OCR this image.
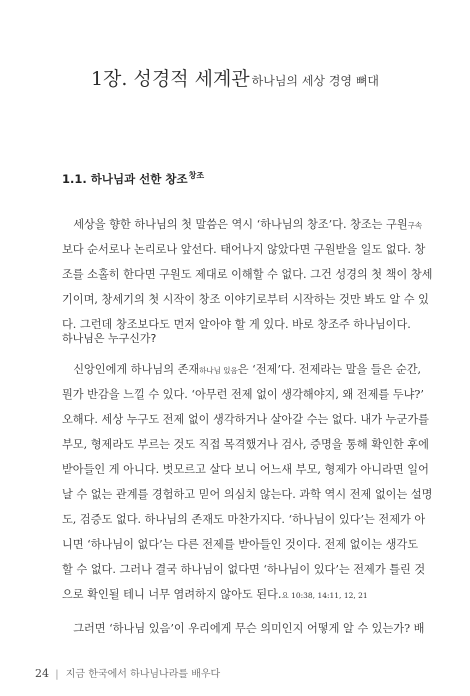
1장. 성경적 세계관 하나님의 세상 경영 뼈대
1.1. 하나님과 선한 창조$^{창조}$
 세상을 향한 하나님의 첫 말씀은 역시 ‘하나님의 창조’다. 창조는 구원구속
보다 순서로나 논리로나 앞선다. 태어나지 않았다면 구원받을 일도 없다. 창
조를 소홀히 한다면 구원도 제대로 이해할 수 없다. 그건 성경의 첫 책이 창세
기이며, 창세기의 첫 시작이 창조 이야기로부터 시작하는 것만 봐도 알 수 있
다. 그런데 창조보다도 먼저 알아야 할 게 있다. 바로 창조주 하나님이다.
하나님은 누구신가?
 신앙인에게 하나님의 존재하나님 있음은 ‘전제’다. 전제라는 말을 들은 순간,
뭔가 반감을 느낄 수 있다. ‘아무런 전제 없이 생각해야지, 왜 전제를 두냐?’
오해다. 세상 누구도 전제 없이 생각하거나 살아갈 수는 없다. 내가 누군가를
부모, 형제라도 부르는 것도 직접 목격했거나 검사, 증명을 통해 확인한 후에
받아들인 게 아니다. 벗모르고 살다 보니 어느새 부모, 형제가 아니라면 일어
날 수 없는 관계를 경험하고 믿어 의심치 않는다. 과학 역시 전제 없이는 설명
도, 검증도 없다. 하나님의 존재도 마찬가지다. ‘하나님이 있다’는 전제가 아
니면 ‘하나님이 없다’는 다른 전제를 받아들인 것이다. 전제 없이는 생각도
할 수 없다. 그러나 결국 하나님이 없다면 ‘하나님이 있다’는 전제가 틀린 것
으로 확인될 테니 너무 염려하지 않아도 된다.요 10:38, 14:11, 12, 21
 그러면 ‘하나님 있음’이 우리에게 무슨 의미인지 어떻게 알 수 있는가? 배
24 | 지금 한국에서 하나님나라를 배우다
